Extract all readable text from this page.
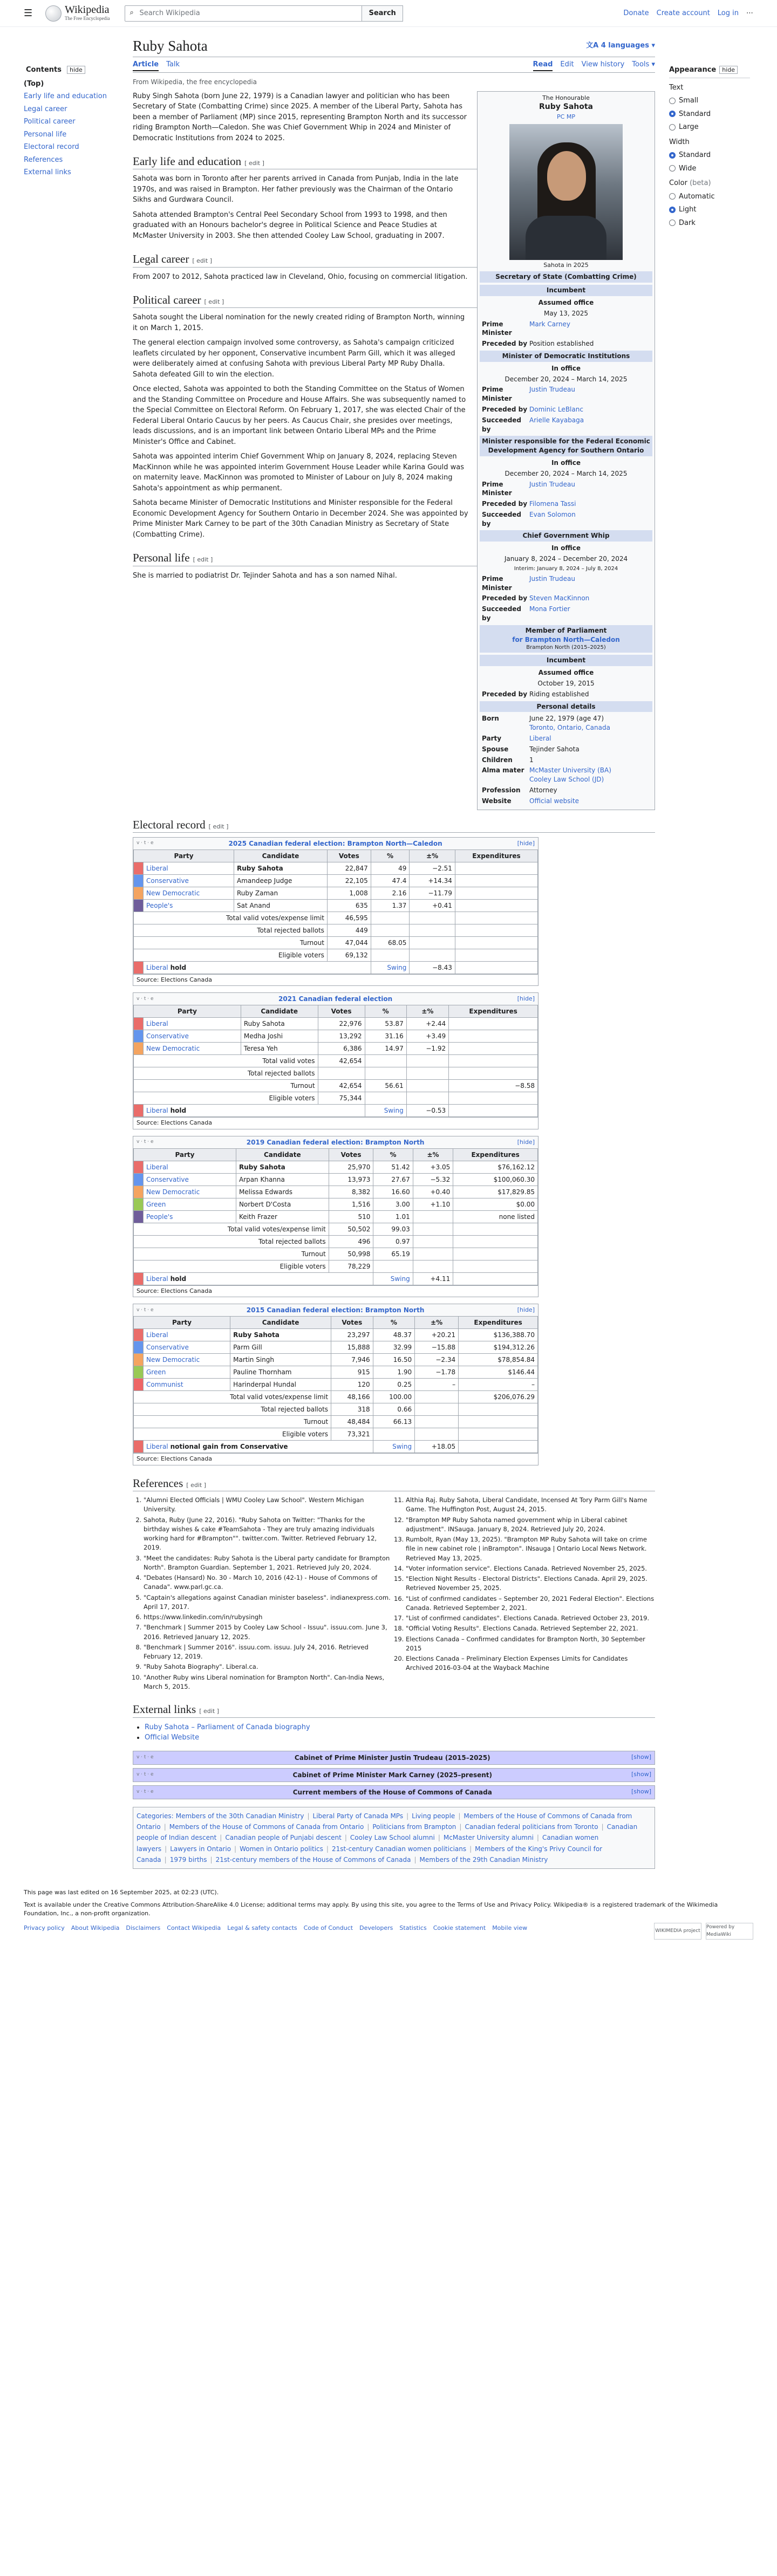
☰	Wikipedia
The Free Encyclopedia
⌕ Search Wikipedia	Search	Donate Create account Log in ⋯
Contents hide
(Top)
Early life and education
Legal career
Political career
Personal life
Electoral record
References
External links
Ruby Sahota	文A 4 languages ▾
Article Talk	Read Edit View history Tools ▾
From Wikipedia, the free encyclopedia
The Honourable
Ruby Sahota
PC MP
Sahota in 2025
Secretary of State (Combatting Crime)
Incumbent
Assumed office
May 13, 2025
Prime Minister
Mark Carney
Preceded by Position established
Minister of Democratic Institutions
In office
December 20, 2024 – March 14, 2025
Prime Minister
Justin Trudeau
Preceded by Dominic LeBlanc
Succeeded by
Arielle Kayabaga
Minister responsible for the Federal Economic Development Agency for Southern Ontario
In office
December 20, 2024 – March 14, 2025
Prime Minister
Justin Trudeau
Preceded by Filomena Tassi
Succeeded by
Evan Solomon
Chief Government Whip
In office
January 8, 2024 – December 20, 2024
Interim: January 8, 2024 – July 8, 2024
Prime Minister
Justin Trudeau
Preceded by Steven MacKinnon
Succeeded by
Mona Fortier
Member of Parliament
for Brampton North—Caledon
Brampton North (2015–2025)
Incumbent
Assumed office
October 19, 2015
Preceded by Riding established
Personal details
Born	June 22, 1979 (age 47)
Toronto, Ontario, Canada
Party	Liberal
Spouse	Tejinder Sahota
Children	1
Alma mater McMaster University (BA)
Cooley Law School (JD)
Profession	Attorney
Website	Official website

Ruby Singh Sahota (born June 22, 1979) is a Canadian lawyer and politician who has been Secretary of State (Combatting Crime) since 2025. A member of the Liberal Party, Sahota has been a member of Parliament (MP) since 2015, representing Brampton North and its successor riding Brampton North—Caledon. She was Chief Government Whip in 2024 and Minister of Democratic Institutions from 2024 to 2025.

Early life and education [ edit ]

Sahota was born in Toronto after her parents arrived in Canada from Punjab, India in the late 1970s, and was raised in Brampton. Her father previously was the Chairman of the Ontario Sikhs and Gurdwara Council.

Sahota attended Brampton's Central Peel Secondary School from 1993 to 1998, and then graduated with an Honours bachelor's degree in Political Science and Peace Studies at McMaster University in 2003. She then attended Cooley Law School, graduating in 2007.

Legal career [ edit ]

From 2007 to 2012, Sahota practiced law in Cleveland, Ohio, focusing on commercial litigation.

Political career [ edit ]

Sahota sought the Liberal nomination for the newly created riding of Brampton North, winning it on March 1, 2015.

The general election campaign involved some controversy, as Sahota's campaign criticized leaflets circulated by her opponent, Conservative incumbent Parm Gill, which it was alleged were deliberately aimed at confusing Sahota with previous Liberal Party MP Ruby Dhalla. Sahota defeated Gill to win the election.

Once elected, Sahota was appointed to both the Standing Committee on the Status of Women and the Standing Committee on Procedure and House Affairs. She was subsequently named to the Special Committee on Electoral Reform. On February 1, 2017, she was elected Chair of the Federal Liberal Ontario Caucus by her peers. As Caucus Chair, she presides over meetings, leads discussions, and is an important link between Ontario Liberal MPs and the Prime Minister's Office and Cabinet.

Sahota was appointed interim Chief Government Whip on January 8, 2024, replacing Steven MacKinnon while he was appointed interim Government House Leader while Karina Gould was on maternity leave. MacKinnon was promoted to Minister of Labour on July 8, 2024 making Sahota's appointment as whip permanent.

Sahota became Minister of Democratic Institutions and Minister responsible for the Federal Economic Development Agency for Southern Ontario in December 2024. She was appointed by Prime Minister Mark Carney to be part of the 30th Canadian Ministry as Secretary of State (Combatting Crime).

Personal life [ edit ]

She is married to podiatrist Dr. Tejinder Sahota and has a son named Nihal.

Electoral record [ edit ]
v · t · e	2025 Canadian federal election: Brampton North—Caledon	[hide]
Party		Candidate	Votes	%	±%	Expenditures
	Liberal	Ruby Sahota	22,847	49	−2.51	
	Conservative	Amandeep Judge	22,105	47.4	+14.34	
	New Democratic	Ruby Zaman	1,008	2.16	−11.79	
	People's	Sat Anand	635	1.37	+0.41	
Total valid votes/expense limit			46,595			
Total rejected ballots			449			
Turnout			47,044	68.05		
Eligible voters			69,132			
	Liberal hold			Swing	−8.43	
Source: Elections Canada
v · t · e	2021 Canadian federal election	[hide]
Party		Candidate	Votes	%	±%	Expenditures
	Liberal	Ruby Sahota	22,976	53.87	+2.44	
	Conservative	Medha Joshi	13,292	31.16	+3.49	
	New Democratic	Teresa Yeh	6,386	14.97	−1.92	
Total valid votes			42,654			
Total rejected ballots						
Turnout			42,654	56.61		−8.58
Eligible voters			75,344			
	Liberal hold			Swing	−0.53	
Source: Elections Canada
v · t · e	2019 Canadian federal election: Brampton North	[hide]
Party		Candidate	Votes	%	±%	Expenditures
	Liberal	Ruby Sahota	25,970	51.42	+3.05	$76,162.12
	Conservative	Arpan Khanna	13,973	27.67	−5.32	$100,060.30
	New Democratic	Melissa Edwards	8,382	16.60	+0.40	$17,829.85
	Green	Norbert D'Costa	1,516	3.00	+1.10	$0.00
	People's	Keith Frazer	510	1.01		none listed
Total valid votes/expense limit			50,502	99.03		
Total rejected ballots			496	0.97		
Turnout			50,998	65.19		
Eligible voters			78,229			
	Liberal hold			Swing	+4.11	
Source: Elections Canada
v · t · e	2015 Canadian federal election: Brampton North	[hide]
Party		Candidate	Votes	%	±%	Expenditures
	Liberal	Ruby Sahota	23,297	48.37	+20.21	$136,388.70
	Conservative	Parm Gill	15,888	32.99	−15.88	$194,312.26
	New Democratic	Martin Singh	7,946	16.50	−2.34	$78,854.84
	Green	Pauline Thornham	915	1.90	−1.78	$146.44
	Communist	Harinderpal Hundal	120	0.25	–	–
Total valid votes/expense limit			48,166	100.00		$206,076.29
Total rejected ballots			318	0.66		
Turnout			48,484	66.13		
Eligible voters			73,321			
	Liberal notional gain from Conservative			Swing	+18.05	
Source: Elections Canada
References [ edit ]
1. "Alumni Elected Officials | WMU Cooley Law School". Western Michigan University.
2. Sahota, Ruby (June 22, 2016). "Ruby Sahota on Twitter: "Thanks for the birthday wishes & cake #TeamSahota - They are truly amazing individuals working hard for #Brampton"". twitter.com. Twitter. Retrieved February 12, 2019.
3. "Meet the candidates: Ruby Sahota is the Liberal party candidate for Brampton North". Brampton Guardian. September 1, 2021. Retrieved July 20, 2024.
4. "Debates (Hansard) No. 30 - March 10, 2016 (42-1) - House of Commons of Canada". www.parl.gc.ca.
5. "Captain's allegations against Canadian minister baseless". indianexpress.com. April 17, 2017.
6. https://www.linkedin.com/in/rubysingh
7. "Benchmark | Summer 2015 by Cooley Law School - Issuu". issuu.com. June 3, 2016. Retrieved January 12, 2025.
8. "Benchmark | Summer 2016". issuu.com. issuu. July 24, 2016. Retrieved February 12, 2019.
9. "Ruby Sahota Biography". Liberal.ca.
10. "Another Ruby wins Liberal nomination for Brampton North". Can-India News, March 5, 2015.
11. Althia Raj. Ruby Sahota, Liberal Candidate, Incensed At Tory Parm Gill's Name Game. The Huffington Post, August 24, 2015.
12. "Brampton MP Ruby Sahota named government whip in Liberal cabinet adjustment". INSauga. January 8, 2024. Retrieved July 20, 2024.
13. Rumbolt, Ryan (May 13, 2025). "Brampton MP Ruby Sahota will take on crime file in new cabinet role | inBrampton". INsauga | Ontario Local News Network. Retrieved May 13, 2025.
14. "Voter information service". Elections Canada. Retrieved November 25, 2025.
15. "Election Night Results - Electoral Districts". Elections Canada. April 29, 2025. Retrieved November 25, 2025.
16. "List of confirmed candidates – September 20, 2021 Federal Election". Elections Canada. Retrieved September 2, 2021.
17. "List of confirmed candidates". Elections Canada. Retrieved October 23, 2019.
18. "Official Voting Results". Elections Canada. Retrieved September 22, 2021.
19. Elections Canada – Confirmed candidates for Brampton North, 30 September 2015
20. Elections Canada – Preliminary Election Expenses Limits for Candidates Archived 2016-03-04 at the Wayback Machine
External links [ edit ]
• Ruby Sahota – Parliament of Canada biography
• Official Website
v · t · e	Cabinet of Prime Minister Justin Trudeau (2015–2025)	[show]
v · t · e	Cabinet of Prime Minister Mark Carney (2025–present)	[show]
v · t · e	Current members of the House of Commons of Canada	[show]
Categories: Members of the 30th Canadian Ministry | Liberal Party of Canada MPs | Living people | Members of the House of Commons of Canada from Ontario | Members of the House of Commons of Canada from Ontario | Politicians from Brampton | Canadian federal politicians from Toronto | Canadian people of Indian descent | Canadian people of Punjabi descent | Cooley Law School alumni | McMaster University alumni | Canadian women lawyers | Lawyers in Ontario | Women in Ontario politics | 21st-century Canadian women politicians | Members of the King's Privy Council for Canada | 1979 births | 21st-century members of the House of Commons of Canada | Members of the 29th Canadian Ministry
Appearance hide
Text
Small
Standard
Large
Width
Standard
Wide
Color (beta)
Automatic
Light
Dark
This page was last edited on 16 September 2025, at 02:23 (UTC).
Text is available under the Creative Commons Attribution-ShareAlike 4.0 License; additional terms may apply. By using this site, you agree to the Terms of Use and Privacy Policy. Wikipedia® is a registered trademark of the Wikimedia Foundation, Inc., a non-profit organization.
Privacy policy About Wikipedia Disclaimers Contact Wikipedia Legal & safety contacts Code of Conduct Developers Statistics Cookie statement Mobile view	WIKIMEDIA project
Powered by MediaWiki
